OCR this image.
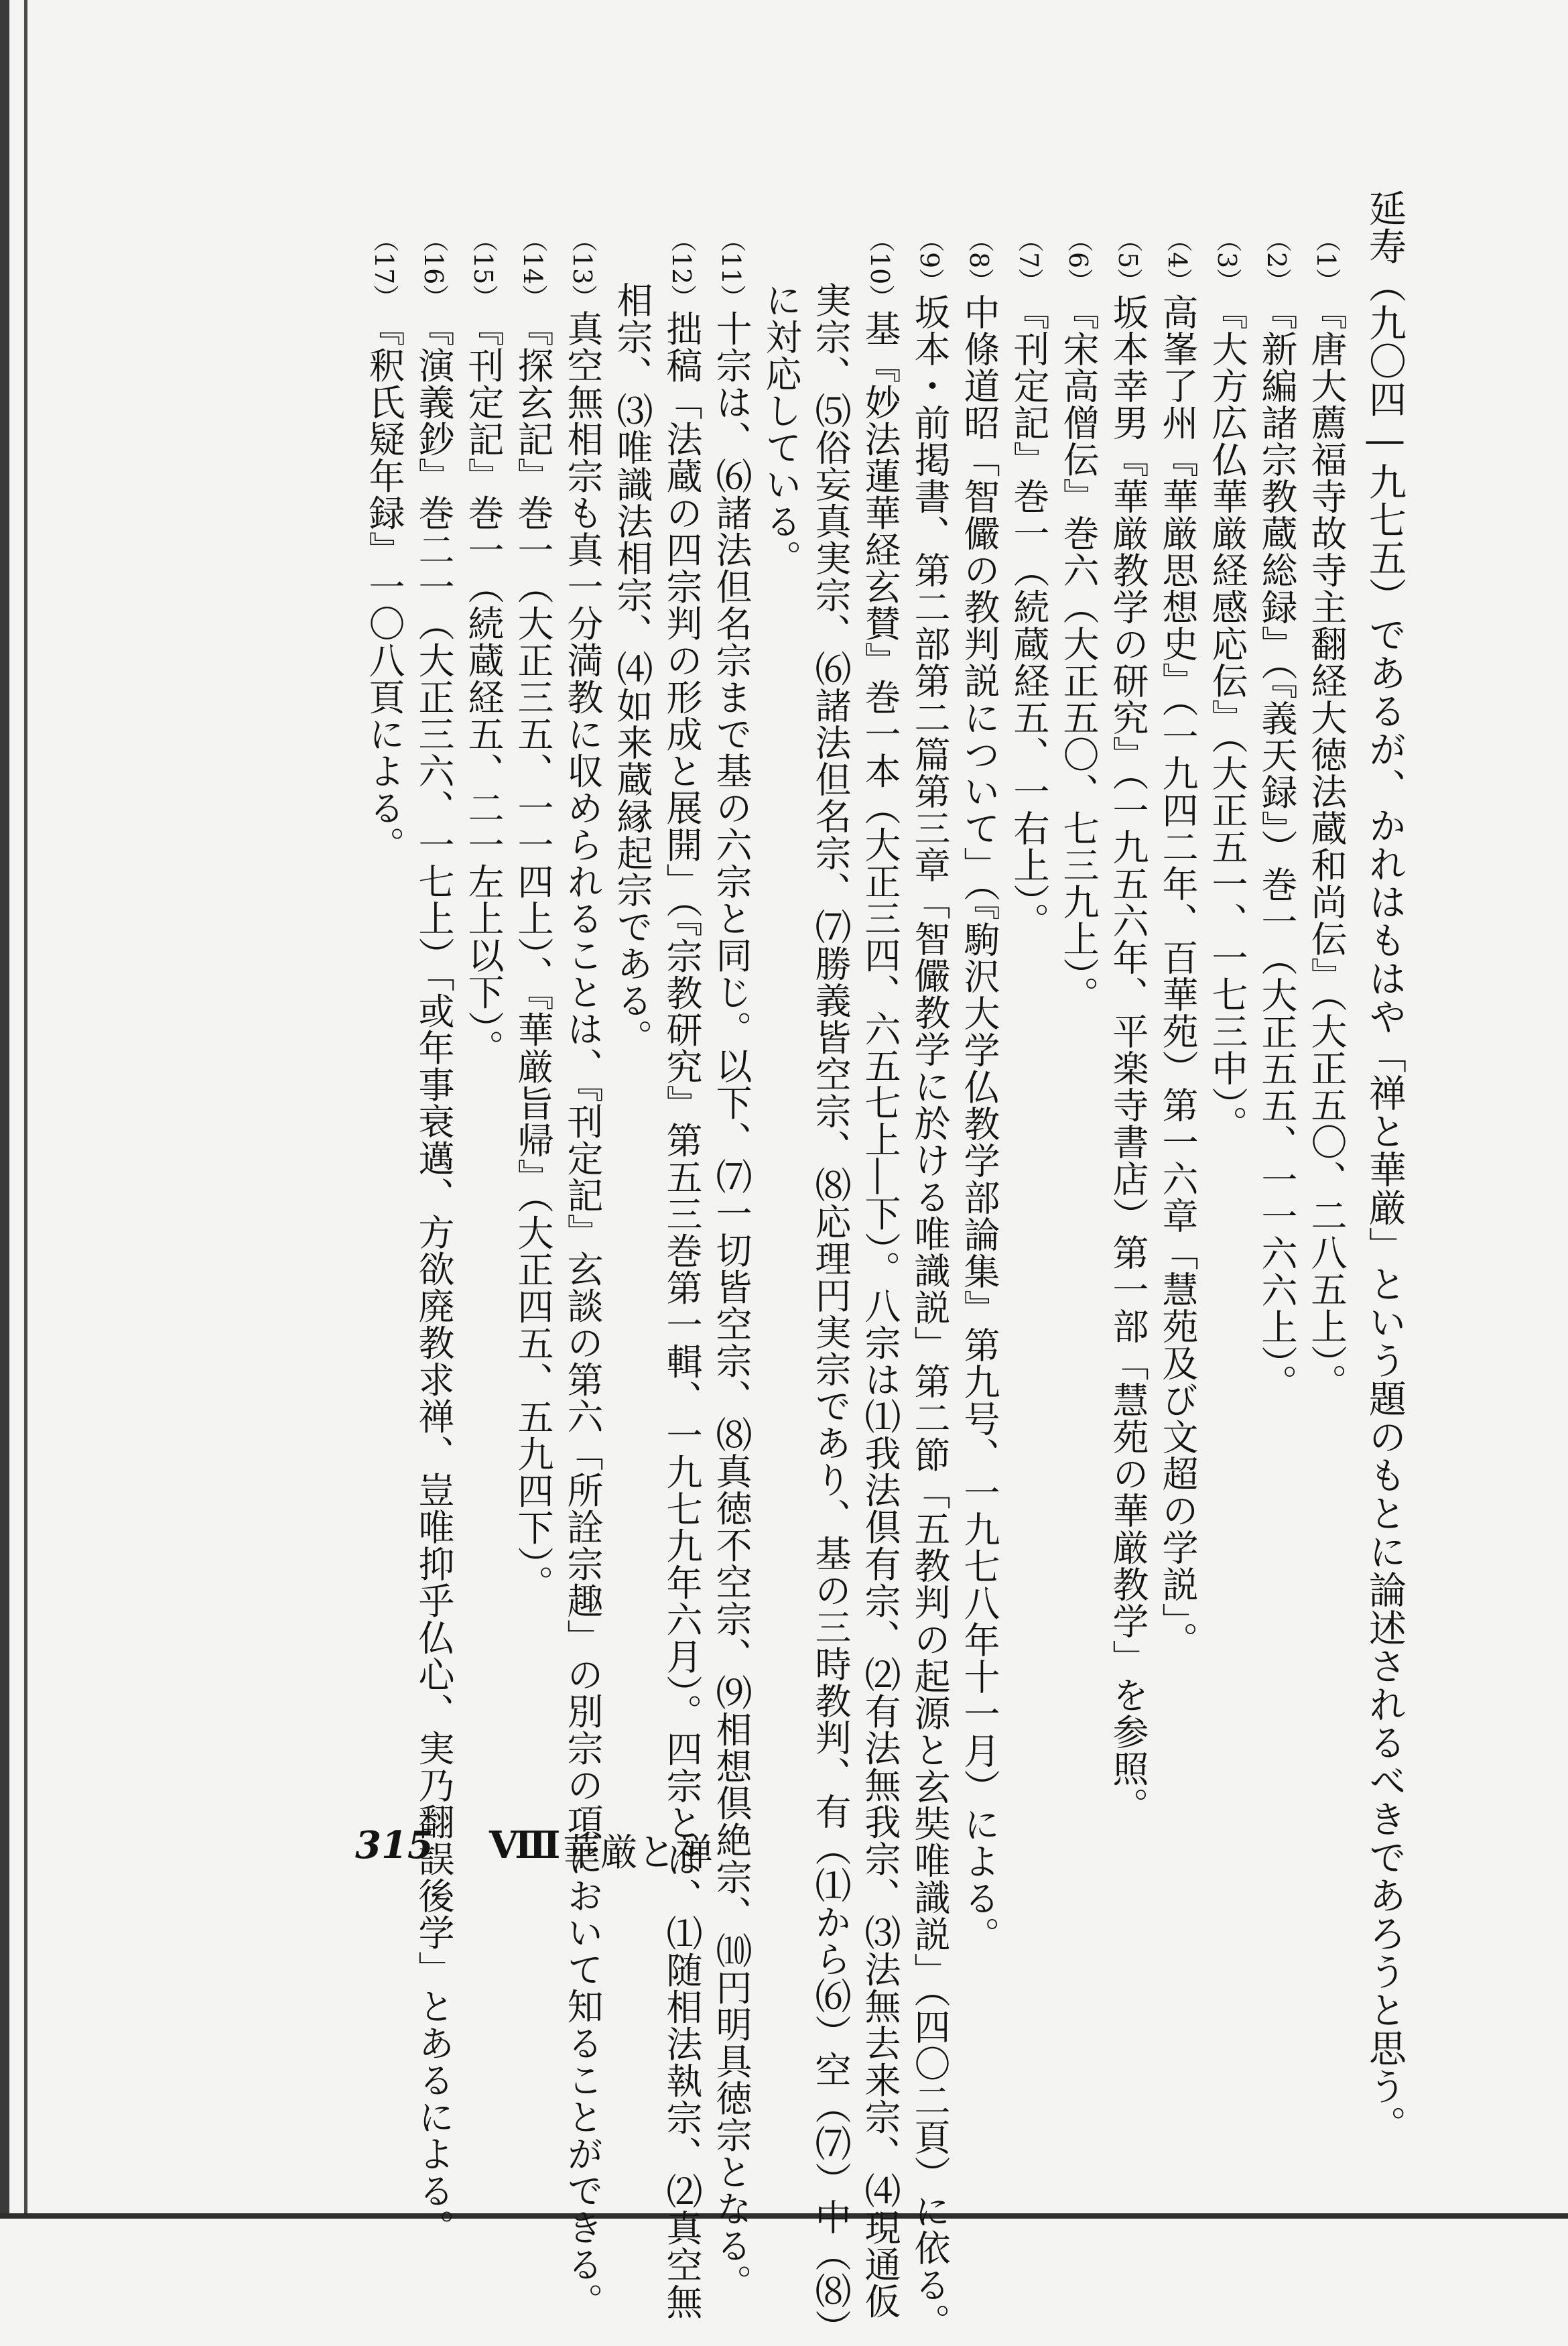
延寿（九〇四―九七五）であるが、かれはもはや「禅と華厳」という題のもとに論述されるべきであろうと思う。
（1）『唐大薦福寺故寺主翻経大徳法蔵和尚伝』（大正五〇、二八五上）。
（2）『新編諸宗教蔵総録』（『義天録』）巻一（大正五五、一一六六上）。
（3）『大方広仏華厳経感応伝』（大正五一、一七三中）。
（4）高峯了州『華厳思想史』（一九四二年、百華苑）第一六章「慧苑及び文超の学説」。
（5）坂本幸男『華厳教学の研究』（一九五六年、平楽寺書店）第一部「慧苑の華厳教学」を参照。
（6）『宋高僧伝』巻六（大正五〇、七三九上）。
（7）『刊定記』巻一（続蔵経五、一右上）。
（8）中條道昭「智儼の教判説について」（『駒沢大学仏教学部論集』第九号、一九七八年十一月）による。
（9）坂本・前掲書、第二部第二篇第三章「智儼教学に於ける唯識説」第二節「五教判の起源と玄奘唯識説」（四〇二頁）に依る。
（10）基『妙法蓮華経玄賛』巻一本（大正三四、六五七上―下）。八宗は⑴我法倶有宗、⑵有法無我宗、⑶法無去来宗、⑷現通仮
実宗、⑸俗妄真実宗、⑹諸法但名宗、⑺勝義皆空宗、⑻応理円実宗であり、基の三時教判、有（⑴から⑹）空（⑺）中（⑻）
に対応している。
（11）十宗は、⑹諸法但名宗まで基の六宗と同じ。以下、⑺一切皆空宗、⑻真徳不空宗、⑼相想倶絶宗、⑽円明具徳宗となる。
（12）拙稿「法蔵の四宗判の形成と展開」（『宗教研究』第五三巻第一輯、一九七九年六月）。四宗とは、⑴随相法執宗、⑵真空無
相宗、⑶唯識法相宗、⑷如来蔵縁起宗である。
（13）真空無相宗も真一分満教に収められることは、『刊定記』玄談の第六「所詮宗趣」の別宗の項において知ることができる。
（14）『探玄記』巻一（大正三五、一一四上）、『華厳旨帰』（大正四五、五九四下）。
（15）『刊定記』巻一（続蔵経五、二一左上以下）。
（16）『演義鈔』巻二一（大正三六、一七上）「或年事衰邁、方欲廃教求禅、豈唯抑乎仏心、実乃翻誤後学」とあるによる。
（17）『釈氏疑年録』一〇八頁による。
315 Ⅷ 華厳と禅
